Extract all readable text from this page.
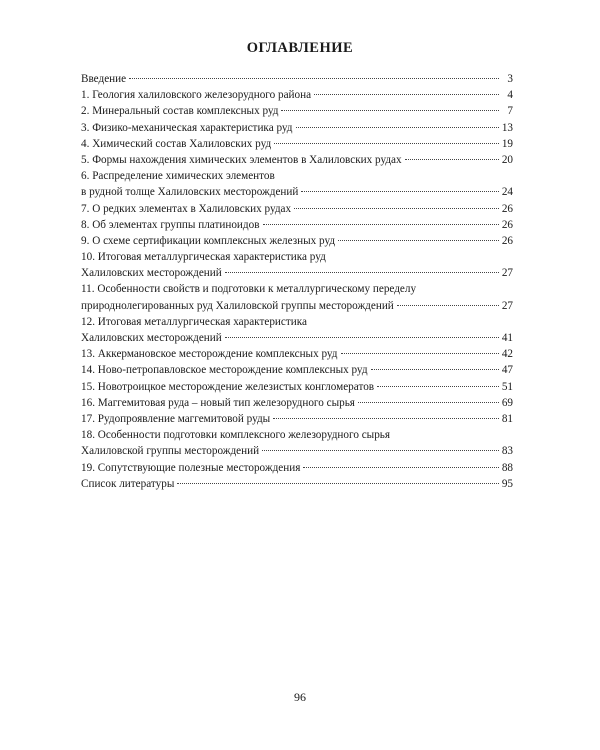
ОГЛАВЛЕНИЕ
Введение	3
1. Геология халиловского железорудного района	4
2. Минеральный состав комплексных руд	7
3. Физико-механическая характеристика руд	13
4. Химический состав Халиловских руд	19
5. Формы нахождения химических элементов в Халиловских рудах	20
6. Распределение химических элементов
в рудной толще Халиловских месторождений	24
7. О редких элементах в Халиловских рудах	26
8. Об элементах группы платиноидов	26
9. О схеме сертификации комплексных железных руд	26
10. Итоговая металлургическая характеристика руд
Халиловских месторождений	27
11. Особенности свойств и подготовки к металлургическому переделу
природнолегированных руд Халиловской группы месторождений	27
12. Итоговая металлургическая характеристика
Халиловских месторождений	41
13. Аккермановское месторождение комплексных руд	42
14. Ново-петропавловское месторождение комплексных руд	47
15. Новотроицкое месторождение железистых конгломератов	51
16. Маггемитовая руда – новый тип железорудного сырья	69
17. Рудопроявление маггемитовой руды	81
18. Особенности подготовки комплексного железорудного сырья
Халиловской группы месторождений	83
19. Сопутствующие полезные месторождения	88
Список литературы	95
96
